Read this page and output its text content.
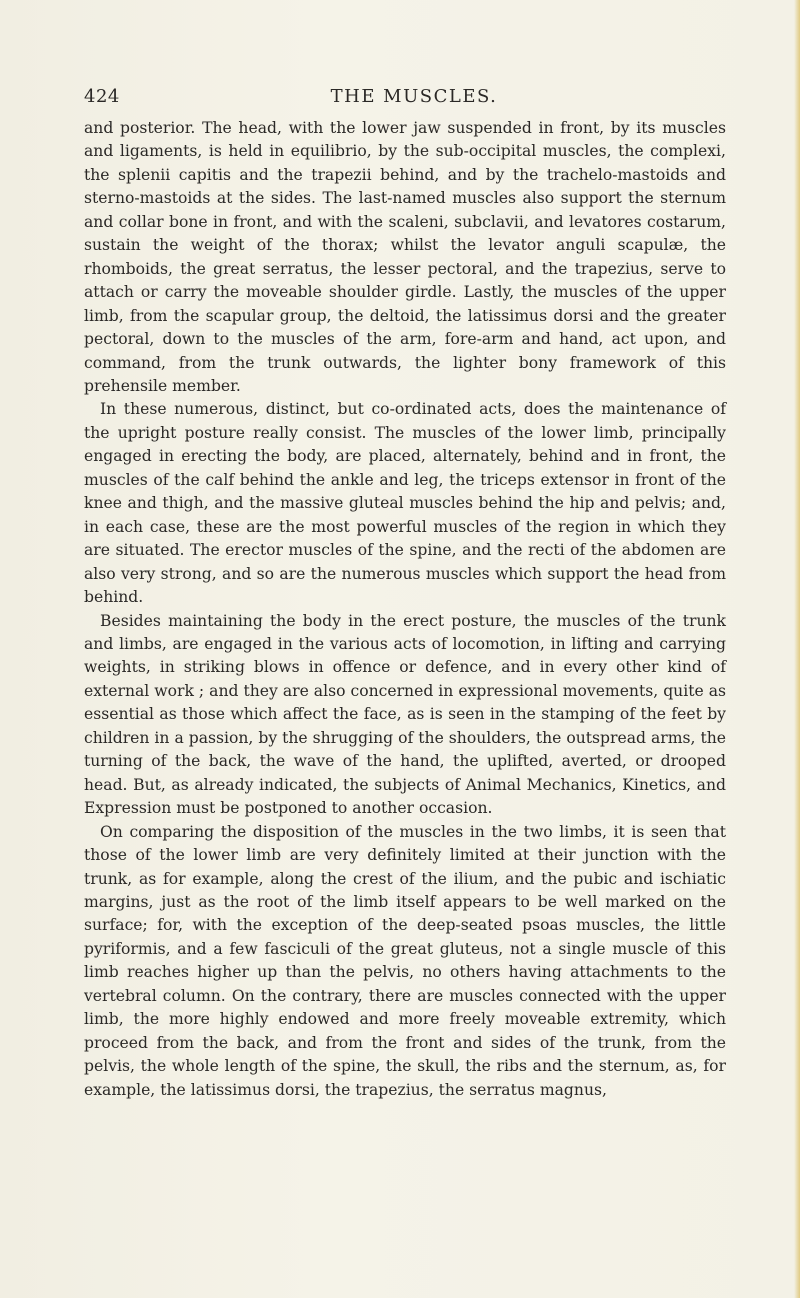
424	THE MUSCLES.

and posterior. The head, with the lower jaw suspended in front, by its muscles and ligaments, is held in equilibrio, by the sub-occipital muscles, the complexi, the splenii capitis and the trapezii behind, and by the trachelo-mastoids and sterno-mastoids at the sides. The last-named muscles also support the sternum and collar bone in front, and with the scaleni, subclavii, and levatores costarum, sustain the weight of the thorax; whilst the levator anguli scapulæ, the rhomboids, the great serratus, the lesser pectoral, and the trapezius, serve to attach or carry the moveable shoulder girdle. Lastly, the muscles of the upper limb, from the scapular group, the deltoid, the latissimus dorsi and the greater pectoral, down to the muscles of the arm, fore-arm and hand, act upon, and command, from the trunk outwards, the lighter bony framework of this prehensile member.

In these numerous, distinct, but co-ordinated acts, does the maintenance of the upright posture really consist. The muscles of the lower limb, principally engaged in erecting the body, are placed, alternately, behind and in front, the muscles of the calf behind the ankle and leg, the triceps extensor in front of the knee and thigh, and the massive gluteal muscles behind the hip and pelvis; and, in each case, these are the most powerful muscles of the region in which they are situated. The erector muscles of the spine, and the recti of the abdomen are also very strong, and so are the numerous muscles which support the head from behind.

Besides maintaining the body in the erect posture, the muscles of the trunk and limbs, are engaged in the various acts of locomotion, in lifting and carrying weights, in striking blows in offence or defence, and in every other kind of external work ; and they are also concerned in expressional movements, quite as essential as those which affect the face, as is seen in the stamping of the feet by children in a passion, by the shrugging of the shoulders, the outspread arms, the turning of the back, the wave of the hand, the uplifted, averted, or drooped head. But, as already indicated, the subjects of Animal Mechanics, Kinetics, and Expression must be postponed to another occasion.

On comparing the disposition of the muscles in the two limbs, it is seen that those of the lower limb are very definitely limited at their junction with the trunk, as for example, along the crest of the ilium, and the pubic and ischiatic margins, just as the root of the limb itself appears to be well marked on the surface; for, with the exception of the deep-seated psoas muscles, the little pyriformis, and a few fasciculi of the great gluteus, not a single muscle of this limb reaches higher up than the pelvis, no others having attachments to the vertebral column. On the contrary, there are muscles connected with the upper limb, the more highly endowed and more freely moveable extremity, which proceed from the back, and from the front and sides of the trunk, from the pelvis, the whole length of the spine, the skull, the ribs and the sternum, as, for example, the latissimus dorsi, the trapezius, the serratus magnus,
